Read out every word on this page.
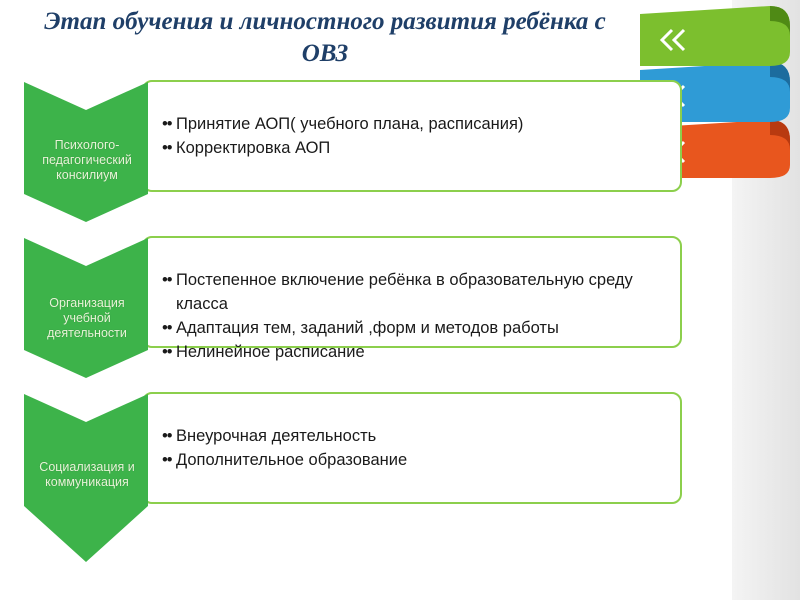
Этап обучения и личностного развития ребёнка с ОВЗ
•• Принятие АОП( учебного плана, расписания)
•• Корректировка АОП
Психолого-педагогический консилиум
•• Постепенное включение ребёнка в образовательную среду класса
•• Адаптация тем, заданий ,форм и методов работы
•• Нелинейное расписание
Организация учебной деятельности
•• Внеурочная деятельность
•• Дополнительное образование
Социализация и коммуникация
